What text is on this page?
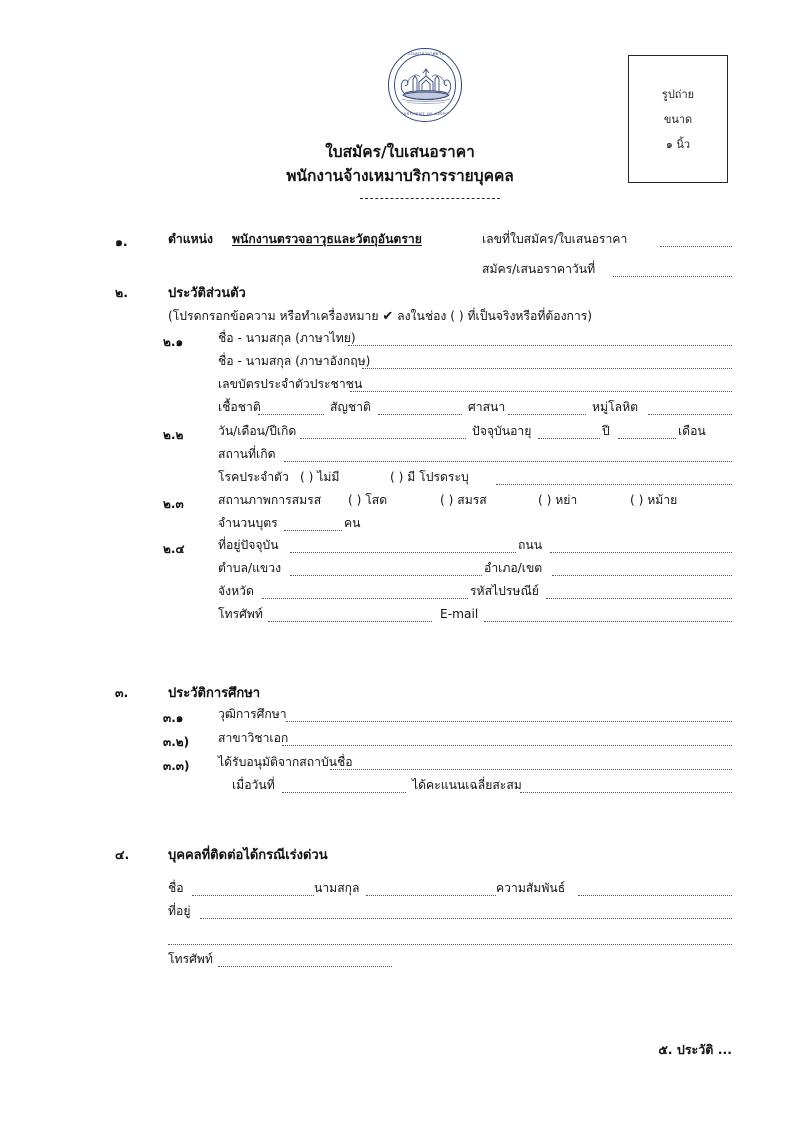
กรมท่าอากาศยาน
DEPARTMENT OF AIRPORTS
ใบสมัคร/ใบเสนอราคา
พนักงานจ้างเหมาบริการรายบุคคล
รูปถ่าย
ขนาด
๑ นิ้ว
๑.	ตำแหน่ง พนักงานตรวจอาวุธและวัตถุอันตราย	เลขที่ใบสมัคร/ใบเสนอราคา
สมัคร/เสนอราคาวันที่
๒.	ประวัติส่วนตัว
(โปรดกรอกข้อความ หรือทำเครื่องหมาย ✔ ลงในช่อง ( ) ที่เป็นจริงหรือที่ต้องการ)
๒.๑	ชื่อ - นามสกุล (ภาษาไทย)
ชื่อ - นามสกุล (ภาษาอังกฤษ)
เลขบัตรประจำตัวประชาชน
เชื้อชาติ	สัญชาติ	ศาสนา	หมู่โลหิต
๒.๒	วัน/เดือน/ปีเกิด	ปัจจุบันอายุ	ปี	เดือน
สถานที่เกิด
โรคประจำตัว ( ) ไม่มี	( ) มี โปรดระบุ
๒.๓	สถานภาพการสมรส ( ) โสด	( ) สมรส	( ) หย่า	( ) หม้าย
จำนวนบุตร	คน
๒.๔	ที่อยู่ปัจจุบัน	ถนน
ตำบล/แขวง	อำเภอ/เขต
จังหวัด	รหัสไปรษณีย์
โทรศัพท์	E-mail
๓.	ประวัติการศึกษา
๓.๑	วุฒิการศึกษา
๓.๒)	สาขาวิชาเอก
๓.๓)	ได้รับอนุมัติจากสถาบันชื่อ
เมื่อวันที่	ได้คะแนนเฉลี่ยสะสม
๔.	บุคคลที่ติดต่อได้กรณีเร่งด่วน
ชื่อ	นามสกุล	ความสัมพันธ์
ที่อยู่
โทรศัพท์
๕. ประวัติ ...
